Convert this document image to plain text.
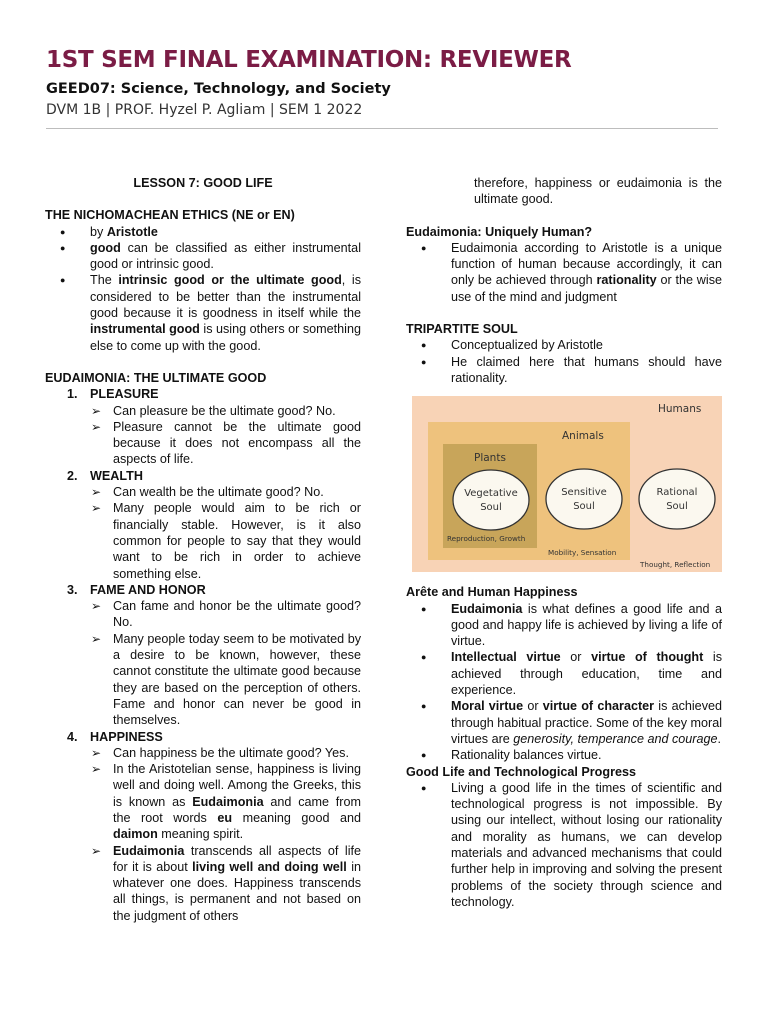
1ST SEM FINAL EXAMINATION: REVIEWER
GEED07: Science, Technology, and Society
DVM 1B | PROF. Hyzel P. Agliam | SEM 1 2022
LESSON 7: GOOD LIFE
THE NICHOMACHEAN ETHICS (NE or EN)
● by Aristotle
● good can be classified as either instrumental good or intrinsic good.
● The intrinsic good or the ultimate good, is considered to be better than the instrumental good because it is goodness in itself while the instrumental good is using others or something else to come up with the good.
EUDAIMONIA: THE ULTIMATE GOOD
1. PLEASURE
➢ Can pleasure be the ultimate good? No.
➢ Pleasure cannot be the ultimate good because it does not encompass all the aspects of life.
2. WEALTH
➢ Can wealth be the ultimate good? No.
➢ Many people would aim to be rich or financially stable. However, is it also common for people to say that they would want to be rich in order to achieve something else.
3. FAME AND HONOR
➢ Can fame and honor be the ultimate good? No.
➢ Many people today seem to be motivated by a desire to be known, however, these cannot constitute the ultimate good because they are based on the perception of others. Fame and honor can never be good in themselves.
4. HAPPINESS
➢ Can happiness be the ultimate good? Yes.
➢ In the Aristotelian sense, happiness is living well and doing well. Among the Greeks, this is known as Eudaimonia and came from the root words eu meaning good and daimon meaning spirit.
➢ Eudaimonia transcends all aspects of life for it is about living well and doing well in whatever one does. Happiness transcends all things, is permanent and not based on the judgment of others
therefore, happiness or eudaimonia is the ultimate good.
Eudaimonia: Uniquely Human?
● Eudaimonia according to Aristotle is a unique function of human because accordingly, it can only be achieved through rationality or the wise use of the mind and judgment
TRIPARTITE SOUL
● Conceptualized by Aristotle
● He claimed here that humans should have rationality.
Humans
Animals
Plants
Vegetative
Soul
Sensitive
Soul
Rational
Soul
Reproduction, Growth
Mobility, Sensation
Thought, Reflection
Arête and Human Happiness
● Eudaimonia is what defines a good life and a good and happy life is achieved by living a life of virtue.
● Intellectual virtue or virtue of thought is achieved through education, time and experience.
● Moral virtue or virtue of character is achieved through habitual practice. Some of the key moral virtues are generosity, temperance and courage.
● Rationality balances virtue.
Good Life and Technological Progress
● Living a good life in the times of scientific and technological progress is not impossible. By using our intellect, without losing our rationality and morality as humans, we can develop materials and advanced mechanisms that could further help in improving and solving the present problems of the society through science and technology.
